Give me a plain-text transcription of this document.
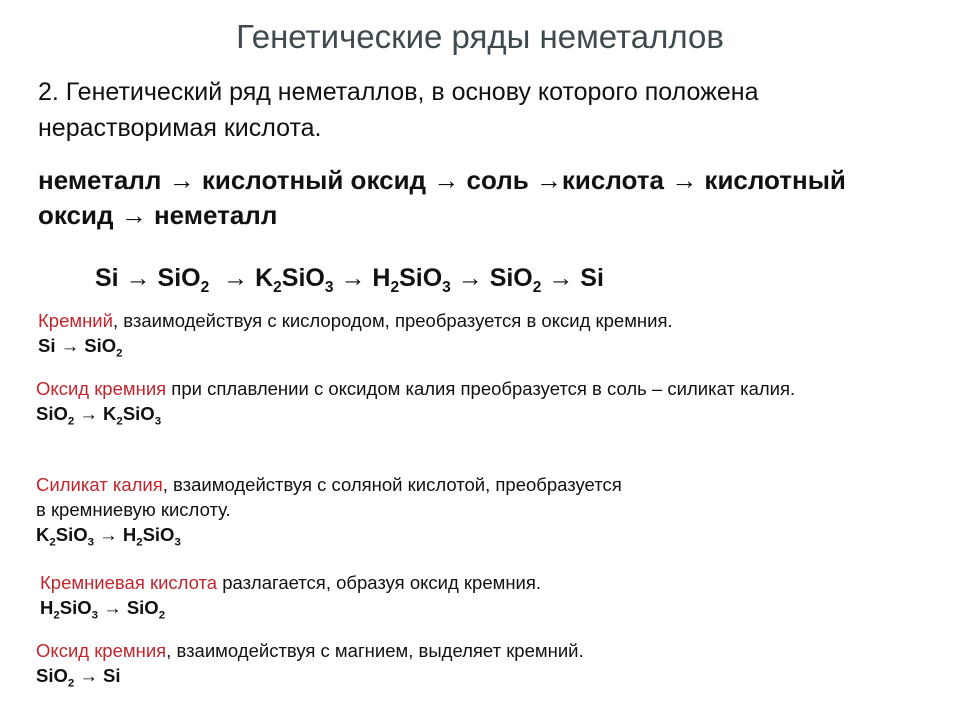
Генетические ряды неметаллов
2. Генетический ряд неметаллов, в основу которого положена нерастворимая кислота.
неметалл → кислотный оксид → соль →кислота → кислотный оксид → неметалл
$Si \to SiO_2 \to K_2SiO_3 \to H_2SiO_3 \to SiO_2 \to Si$
Кремний, взаимодействуя с кислородом, преобразуется в оксид кремния.
Si → SiO$_2$
Оксид кремния при сплавлении с оксидом калия преобразуется в соль – силикат калия.
$SiO_2 \to K_2SiO_3$
Силикат калия, взаимодействуя с соляной кислотой, преобразуется
в кремниевую кислоту.
$K_2SiO_3 \to H_2SiO_3$
Кремниевая кислота разлагается, образуя оксид кремния.
$H_2SiO_3 \to SiO_2$
Оксид кремния, взаимодействуя с магнием, выделяет кремний.
SiO$_2$ → Si
